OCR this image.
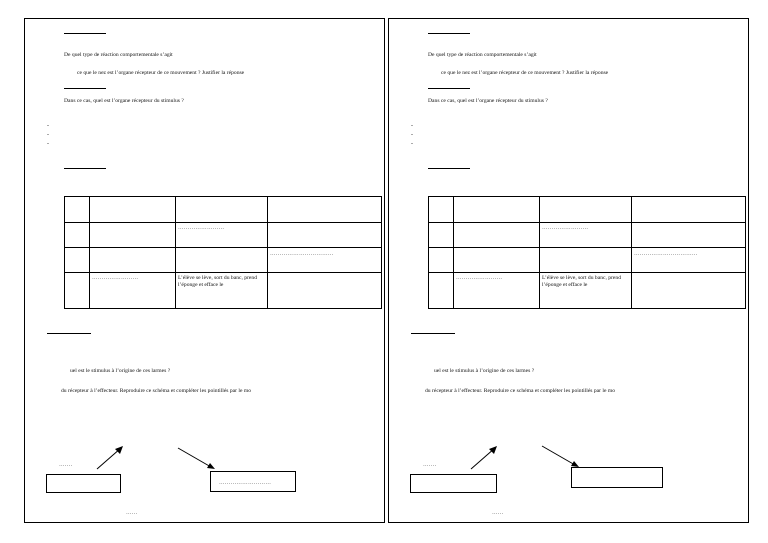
De quel type de réaction comportementale s’agit
ce que le nez est l’organe récepteur de ce mouvement ? Justifier la réponse
Dans ce cas, quel est l’organe récepteur du stimulus ?
-
-
-

		……………………	

			……………………………

	……………………	L’élève se lève, sort du banc, prend l’éponge et efface le	

uel est le stimulus à l’origine de ces larmes ?
du récepteur à l’effecteur. Reproduire ce schéma et compléter les pointillés par le mo
…….
………………………
……
De quel type de réaction comportementale s’agit
ce que le nez est l’organe récepteur de ce mouvement ? Justifier la réponse
Dans ce cas, quel est l’organe récepteur du stimulus ?
-
-
-

		……………………	

			……………………………

	……………………	L’élève se lève, sort du banc, prend l’éponge et efface le	

uel est le stimulus à l’origine de ces larmes ?
du récepteur à l’effecteur. Reproduire ce schéma et compléter les pointillés par le mo
…….
……
